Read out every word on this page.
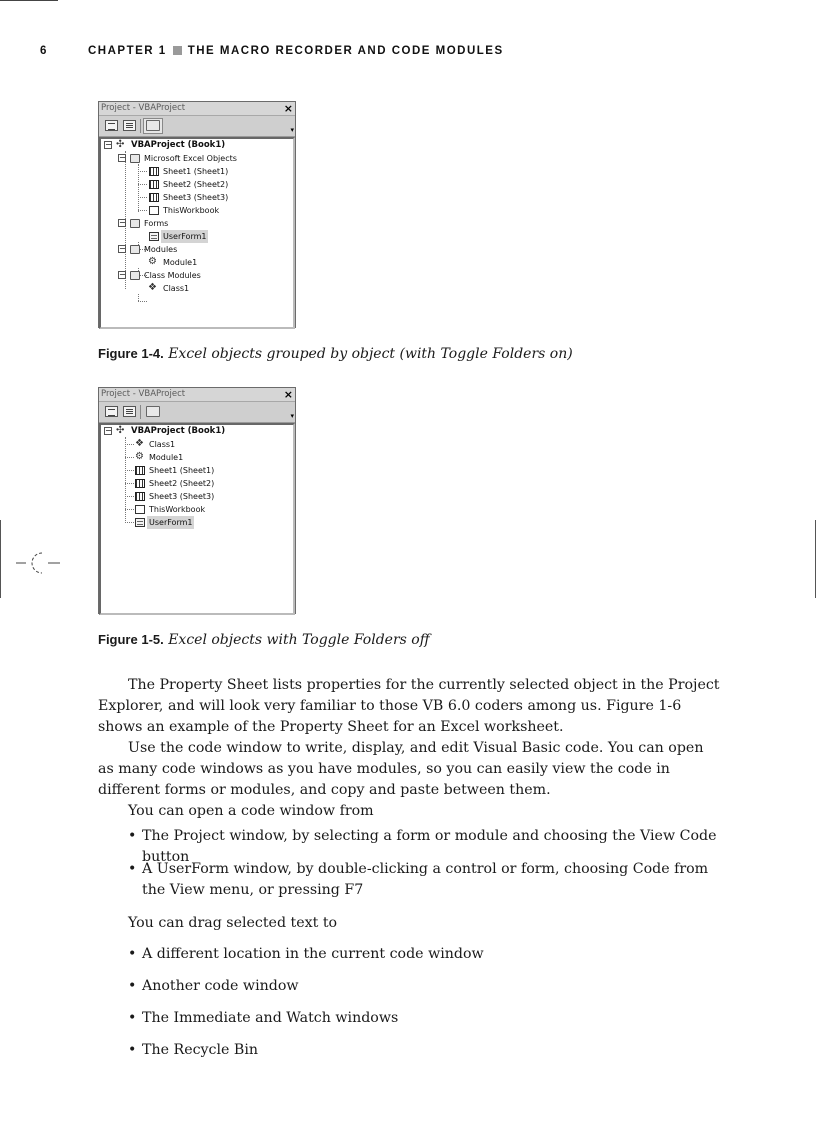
6	CHAPTER 1 THE MACRO RECORDER AND CODE MODULES
Project - VBAProject	×
▾
− ✣ VBAProject (Book1)
− Microsoft Excel Objects
Sheet1 (Sheet1)
Sheet2 (Sheet2)
Sheet3 (Sheet3)
ThisWorkbook
− Forms
UserForm1
− Modules
⚙ Module1
− Class Modules
❖ Class1
Figure 1-4. Excel objects grouped by object (with Toggle Folders on)
Project - VBAProject	×
▾
− ✣ VBAProject (Book1)
❖ Class1
⚙ Module1
Sheet1 (Sheet1)
Sheet2 (Sheet2)
Sheet3 (Sheet3)
ThisWorkbook
UserForm1
Figure 1-5. Excel objects with Toggle Folders off

The Property Sheet lists properties for the currently selected object in the Project Explorer, and will look very familiar to those VB 6.0 coders among us. Figure 1-6 shows an example of the Property Sheet for an Excel worksheet.

Use the code window to write, display, and edit Visual Basic code. You can open as many code windows as you have modules, so you can easily view the code in different forms or modules, and copy and paste between them.

You can open a code window from

• The Project window, by selecting a form or module and choosing the View Code button
• A UserForm window, by double-clicking a control or form, choosing Code from the View menu, or pressing F7

You can drag selected text to

• A different location in the current code window
• Another code window
• The Immediate and Watch windows
• The Recycle Bin
